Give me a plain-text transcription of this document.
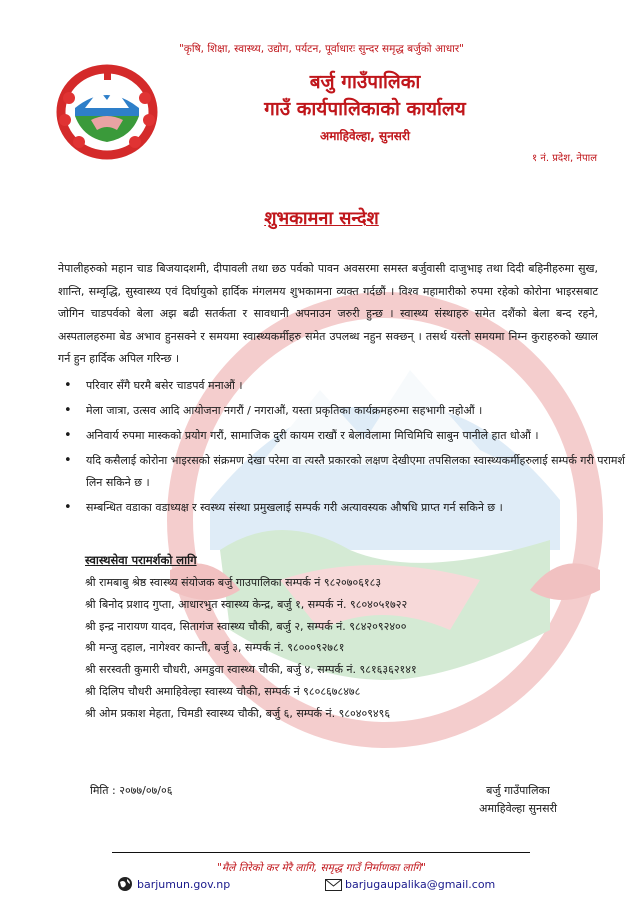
"कृषि, शिक्षा, स्वास्थ्य, उद्योग, पर्यटन, पूर्वाधारः सुन्दर समृद्ध बर्जुको आधार"
बर्जु गाउँपालिका
गाउँ कार्यपालिकाको कार्यालय
अमाहिवेल्हा, सुनसरी
१ नं. प्रदेश, नेपाल
शुभकामना सन्देश
नेपालीहरुको महान चाड बिजयादशमी, दीपावली तथा छठ पर्वको पावन अवसरमा समस्त बर्जुवासी दाजुभाइ तथा दिदी बहिनीहरुमा सुख, शान्ति, सम्वृद्धि, सुस्वास्थ्य एवं दिर्घायुको हार्दिक मंगलमय शुभकामना व्यक्त गर्दछौं । विश्व महामारीको रुपमा रहेको कोरोना भाइरसबाट जोगिन चाडपर्वको बेला अझ बढी सतर्कता र सावधानी अपनाउन जरुरी हुन्छ । स्वास्थ्य संस्थाहरु समेत दशैंको बेला बन्द रहने, अस्पतालहरुमा बेड अभाव हुनसक्ने र समयमा स्वास्थ्यकर्मीहरु समेत उपलब्ध नहुन सक्छन् । तसर्थ यस्तो समयमा निम्न कुराहरुको ख्याल गर्न हुन हार्दिक अपिल गरिन्छ ।
• परिवार सँगै घरमै बसेर चाडपर्व मनाऔं ।
• मेला जात्रा, उत्सव आदि आयोजना नगरौं / नगराऔं, यस्ता प्रकृतिका कार्यक्रमहरुमा सहभागी नहोऔं ।
• अनिवार्य रुपमा मास्कको प्रयोग गरौं, सामाजिक दुरी कायम राखौं र बेलावेलामा मिचिमिचि साबुन पानीले हात धोऔं ।
• यदि कसैलाई कोरोना भाइरसको संक्रमण देखा परेमा वा त्यस्तै प्रकारको लक्षण देखीएमा तपसिलका स्वास्थ्यकर्मीहरुलाई सम्पर्क गरी परामर्श लिन सकिने छ ।
• सम्बन्धित वडाका वडाध्यक्ष र स्वस्थ्य संस्था प्रमुखलाई सम्पर्क गरी अत्यावस्यक औषधि प्राप्त गर्न सकिने छ ।
स्वास्थसेवा परामर्शको लागि
श्री रामबाबु श्रेष्ठ स्वास्थ्य संयोजक बर्जु गाउपालिका सम्पर्क नं ९८२०७०६१८३
श्री बिनोद प्रशाद गुप्ता, आधारभुत स्वास्थ्य केन्द्र, बर्जु १, सम्पर्क नं. ९८०४०५१७२२
श्री इन्द्र नारायण यादव, सितागंज स्वास्थ्य चौकी, बर्जु २, सम्पर्क नं. ९८४२०९२४००
श्री मन्जु दहाल, नागेश्वर कान्ती, बर्जु ३, सम्पर्क नं. ९८०००९२७८१
श्री सरस्वती कुमारी चौधरी, अमडुवा स्वास्थ्य चौकी, बर्जु ४, सम्पर्क नं. ९८१६३६२१४१
श्री दिलिप चौधरी अमाहिवेल्हा स्वास्थ्य चौकी, सम्पर्क नं ९८०८६७८४७८
श्री ओम प्रकाश मेहता, चिमडी स्वास्थ्य चौकी, बर्जु ६, सम्पर्क नं. ९८०४०९४९६
मिति : २०७७/०७/०६	बर्जु गाउँपालिका
अमाहिवेल्हा सुनसरी
"मैले तिरेको कर मेरै लागि, समृद्ध गाउँ निर्माणका लागि"
barjumun.gov.np	barjugaupalika@gmail.com
